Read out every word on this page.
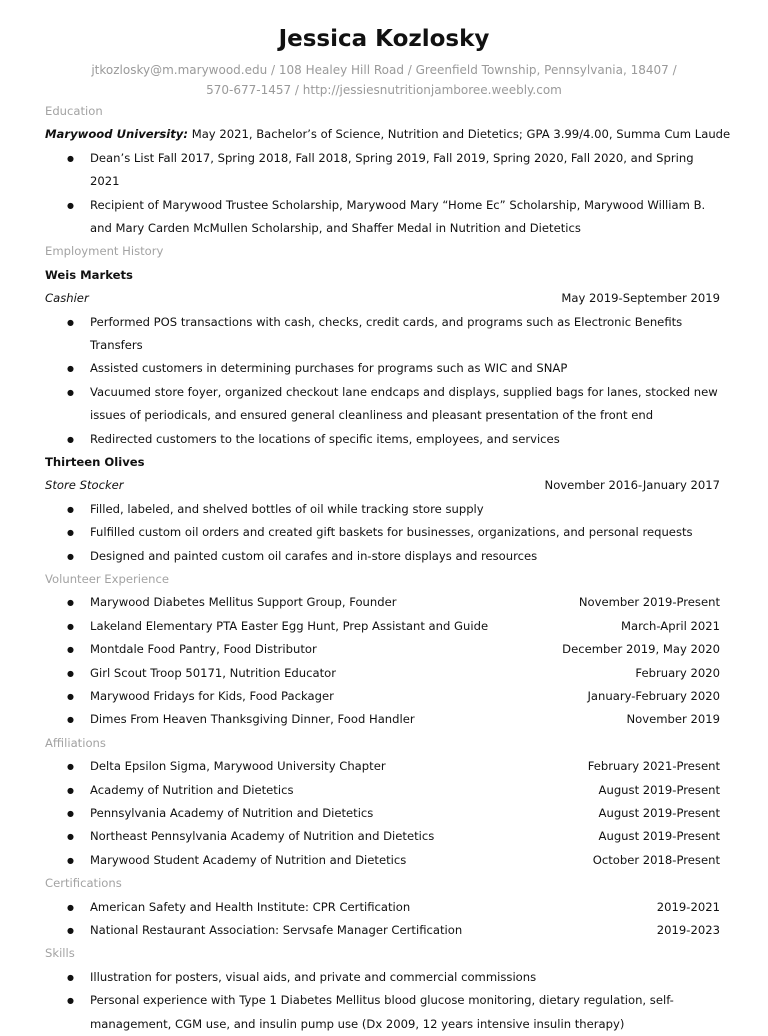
Jessica Kozlosky
jtkozlosky@m.marywood.edu / 108 Healey Hill Road / Greenfield Township, Pennsylvania, 18407 /
570-677-1457 / http://jessiesnutritionjamboree.weebly.com
Education
Marywood University: May 2021, Bachelor’s of Science, Nutrition and Dietetics; GPA 3.99/4.00, Summa Cum Laude
● Dean’s List Fall 2017, Spring 2018, Fall 2018, Spring 2019, Fall 2019, Spring 2020, Fall 2020, and Spring 2021
● Recipient of Marywood Trustee Scholarship, Marywood Mary “Home Ec” Scholarship, Marywood William B. and Mary Carden McMullen Scholarship, and Shaffer Medal in Nutrition and Dietetics
Employment History
Weis Markets
Cashier	May 2019-September 2019
● Performed POS transactions with cash, checks, credit cards, and programs such as Electronic Benefits Transfers
● Assisted customers in determining purchases for programs such as WIC and SNAP
● Vacuumed store foyer, organized checkout lane endcaps and displays, supplied bags for lanes, stocked new issues of periodicals, and ensured general cleanliness and pleasant presentation of the front end
● Redirected customers to the locations of specific items, employees, and services
Thirteen Olives
Store Stocker	November 2016-January 2017
● Filled, labeled, and shelved bottles of oil while tracking store supply
● Fulfilled custom oil orders and created gift baskets for businesses, organizations, and personal requests
● Designed and painted custom oil carafes and in-store displays and resources
Volunteer Experience
● Marywood Diabetes Mellitus Support Group, Founder	November 2019-Present
● Lakeland Elementary PTA Easter Egg Hunt, Prep Assistant and Guide	March-April 2021
● Montdale Food Pantry, Food Distributor	December 2019, May 2020
● Girl Scout Troop 50171, Nutrition Educator	February 2020
● Marywood Fridays for Kids, Food Packager	January-February 2020
● Dimes From Heaven Thanksgiving Dinner, Food Handler	November 2019
Affiliations
● Delta Epsilon Sigma, Marywood University Chapter	February 2021-Present
● Academy of Nutrition and Dietetics	August 2019-Present
● Pennsylvania Academy of Nutrition and Dietetics	August 2019-Present
● Northeast Pennsylvania Academy of Nutrition and Dietetics	August 2019-Present
● Marywood Student Academy of Nutrition and Dietetics	October 2018-Present
Certifications
● American Safety and Health Institute: CPR Certification	2019-2021
● National Restaurant Association: Servsafe Manager Certification	2019-2023
Skills
● Illustration for posters, visual aids, and private and commercial commissions
● Personal experience with Type 1 Diabetes Mellitus blood glucose monitoring, dietary regulation, self-management, CGM use, and insulin pump use (Dx 2009, 12 years intensive insulin therapy)
